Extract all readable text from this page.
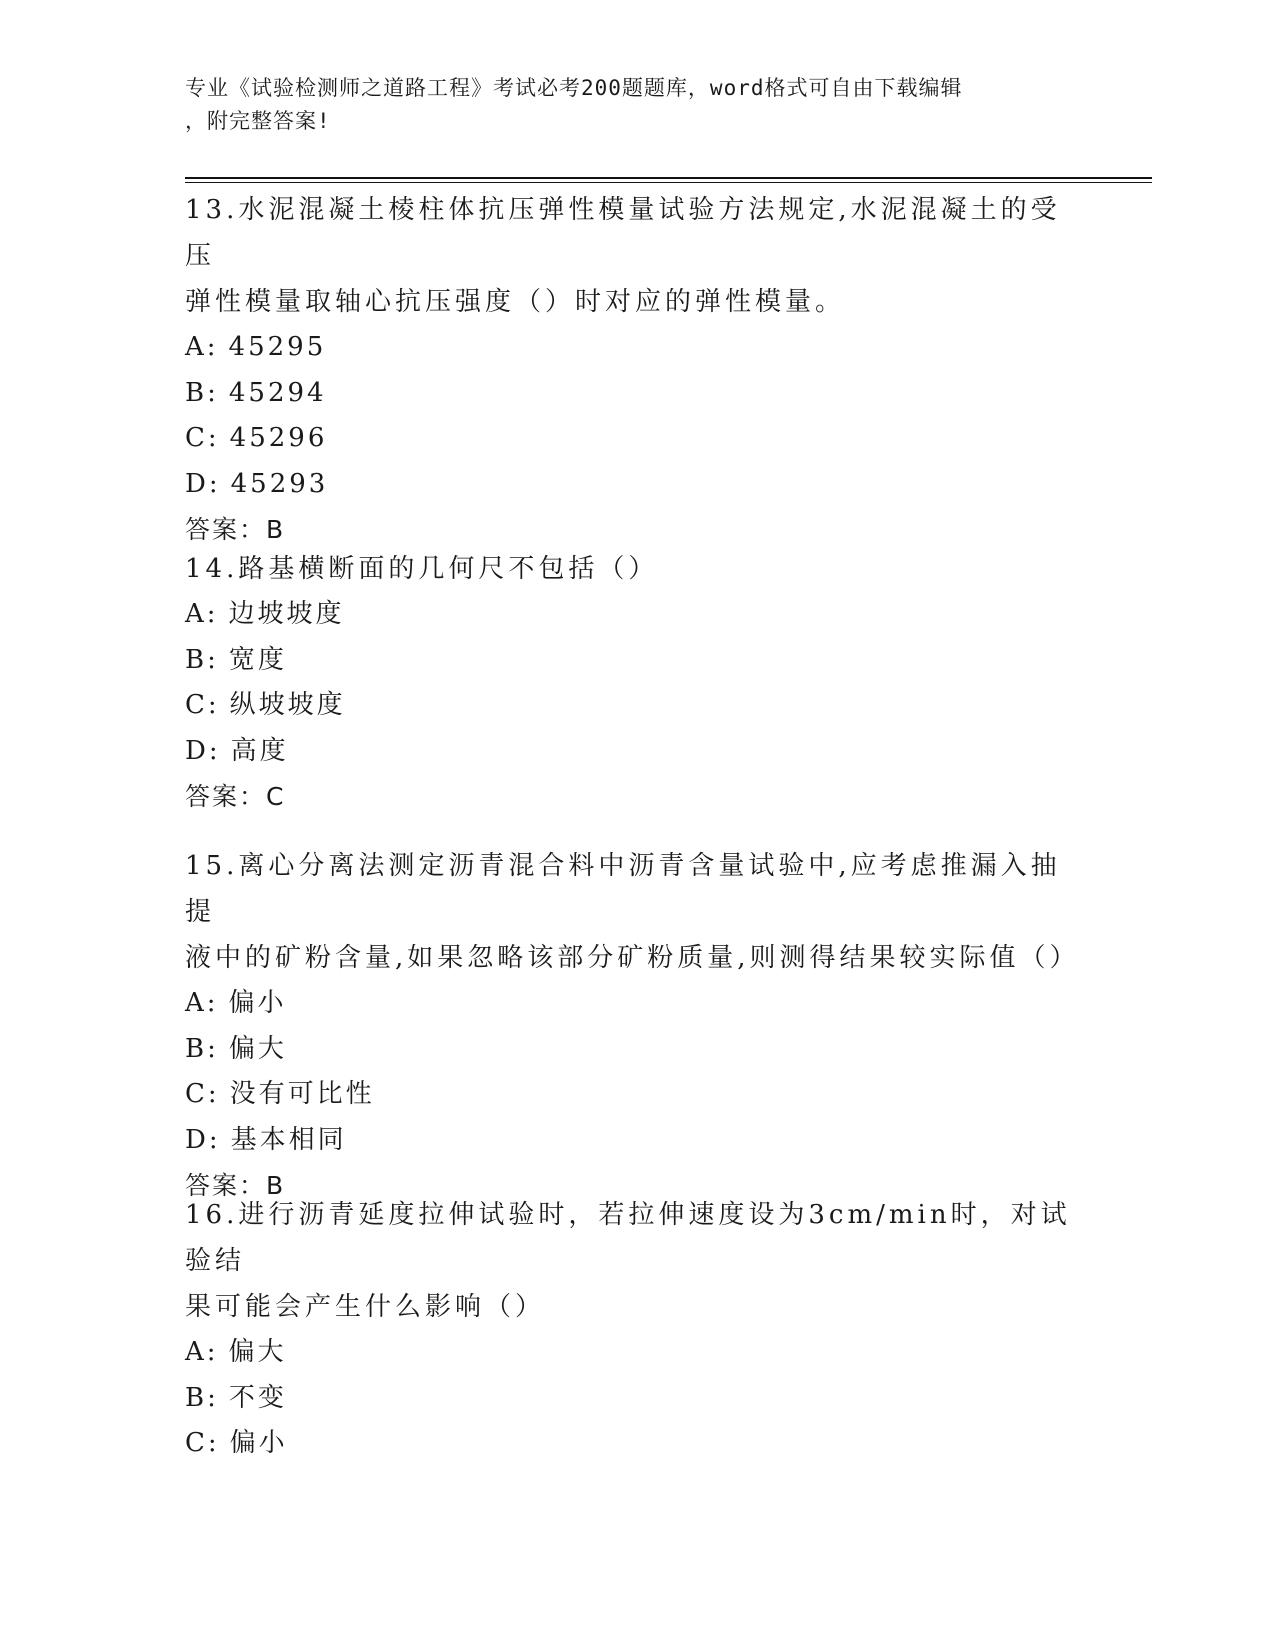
专业《试验检测师之道路工程》考试必考200题题库，word格式可自由下载编辑
，附完整答案!

13.水泥混凝土棱柱体抗压弹性模量试验方法规定,水泥混凝土的受压
弹性模量取轴心抗压强度（）时对应的弹性模量。

A: 45295

B: 45294

C: 45296

D: 45293

答案：B

14.路基横断面的几何尺不包括（）

A: 边坡坡度

B: 宽度

C: 纵坡坡度

D: 高度

答案：C

15.离心分离法测定沥青混合料中沥青含量试验中,应考虑推漏入抽提
液中的矿粉含量,如果忽略该部分矿粉质量,则测得结果较实际值（）

A: 偏小

B: 偏大

C: 没有可比性

D: 基本相同

答案：B

16.进行沥青延度拉伸试验时，若拉伸速度设为3cm/min时，对试验结
果可能会产生什么影响（）

A: 偏大

B: 不变

C: 偏小
